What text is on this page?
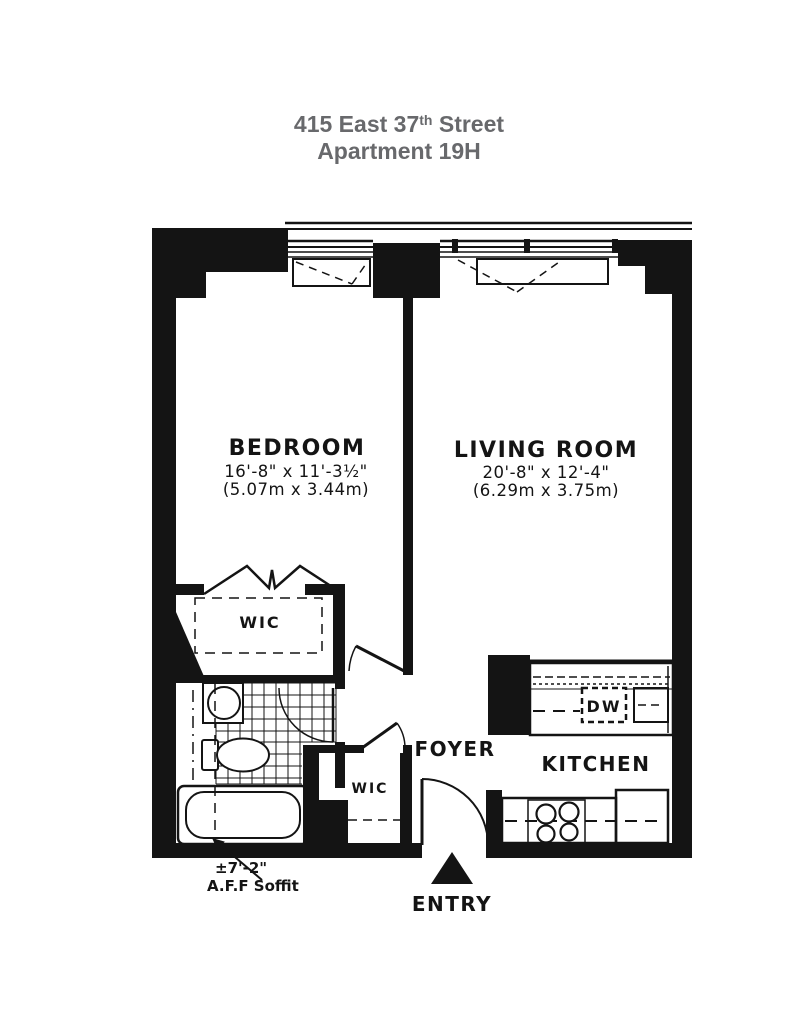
415 East 37th Street
Apartment 19H
BEDROOM
16'-8" x 11'-3½"
(5.07m x 3.44m)
LIVING ROOM
20'-8" x 12'-4"
(6.29m x 3.75m)
WIC
±7'-2"
A.F.F Soffit
WIC
FOYER
DW
KITCHEN
ENTRY
